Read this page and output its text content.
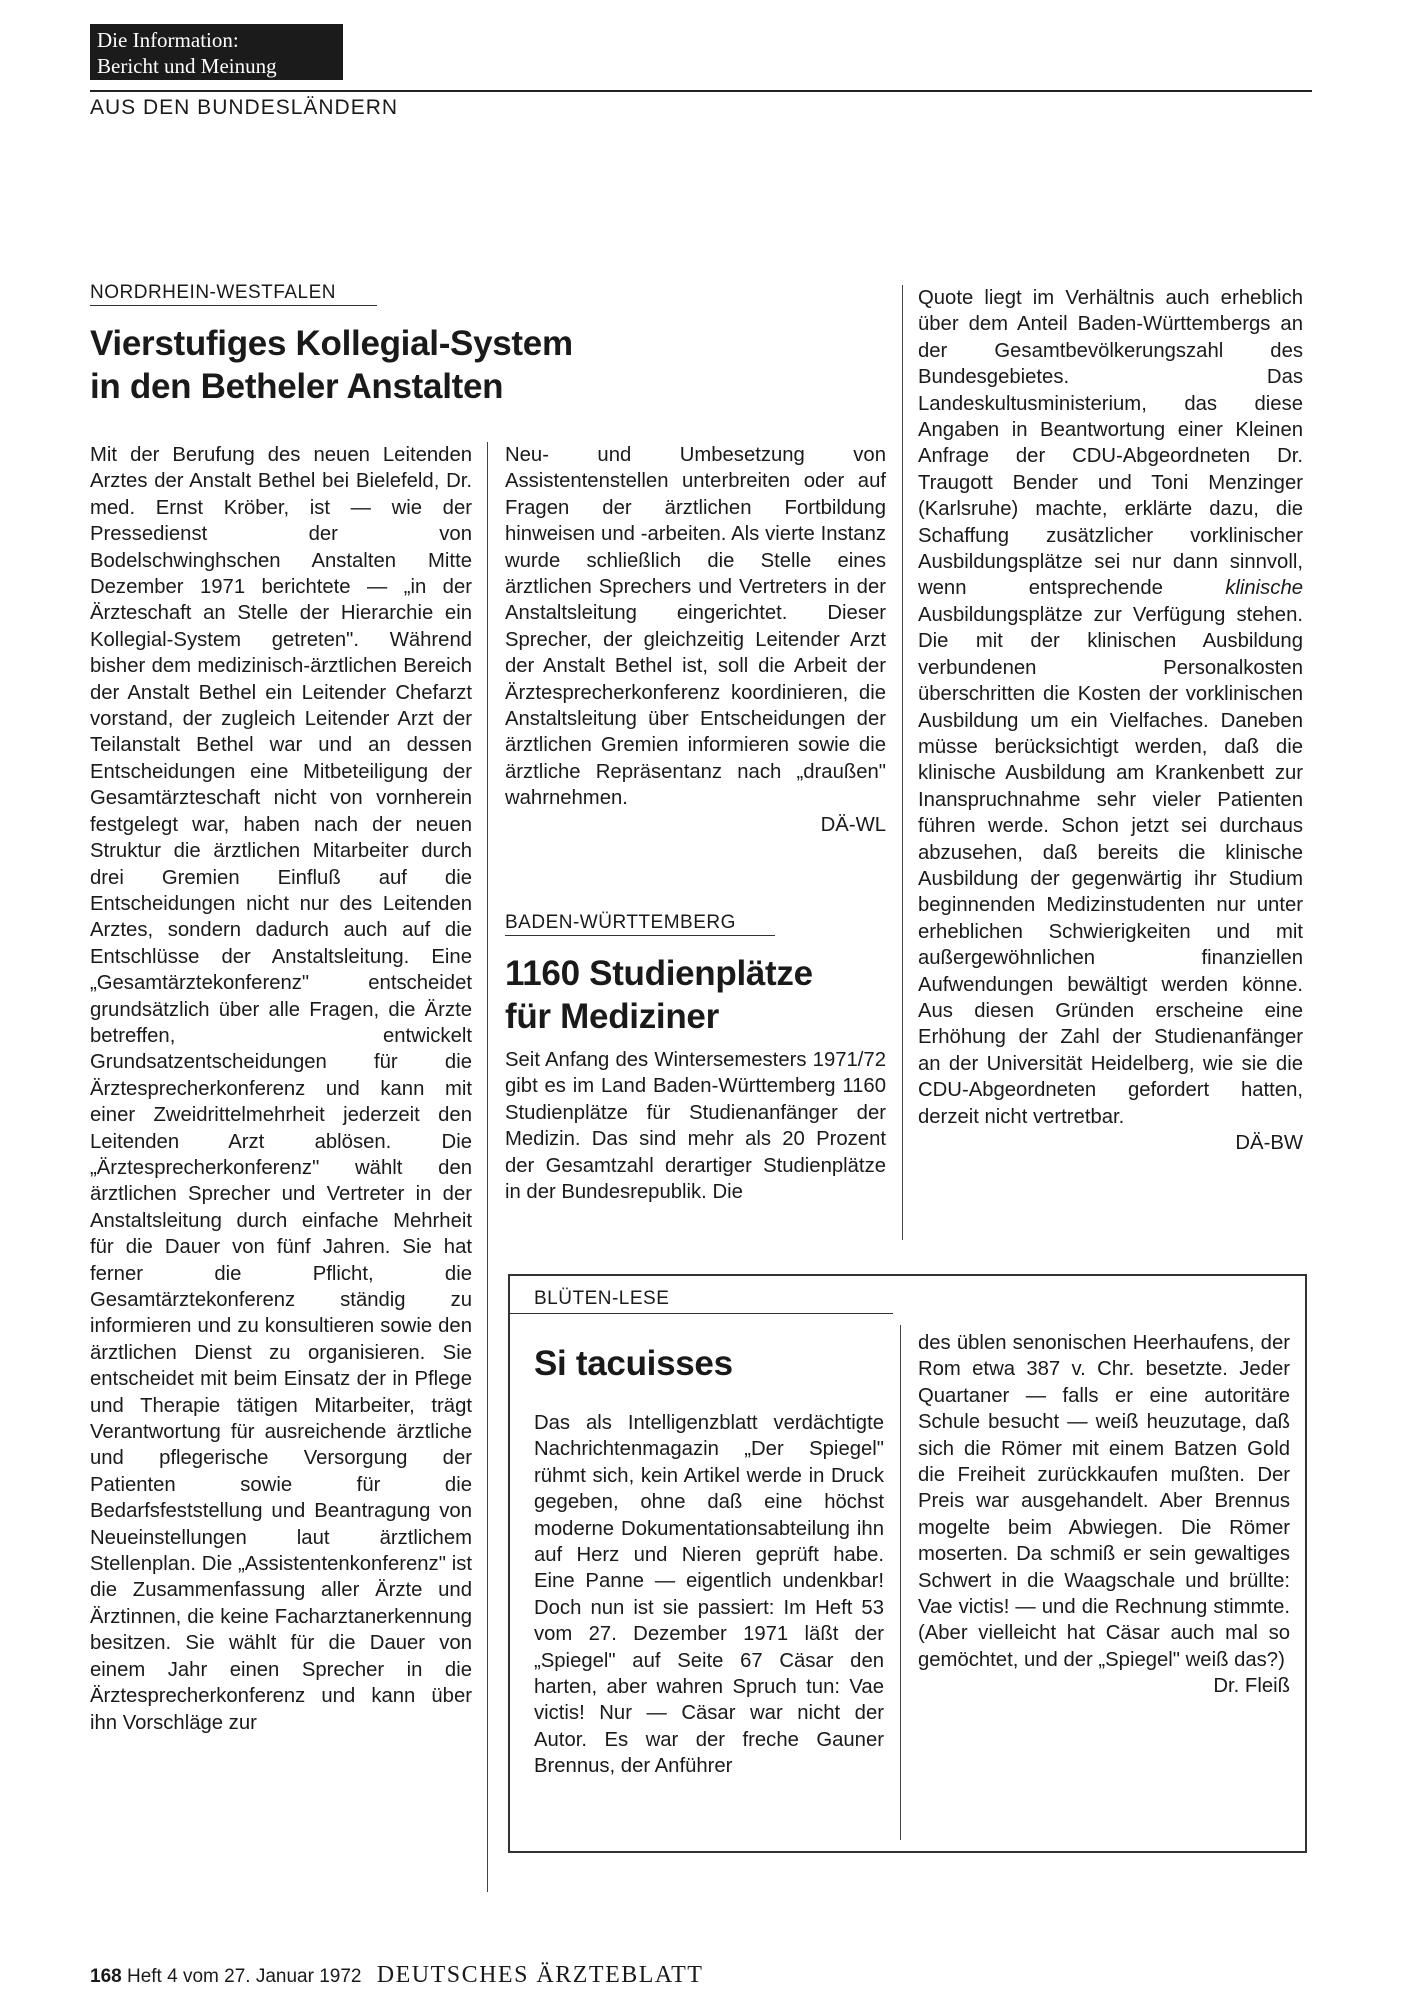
Die Information:
Bericht und Meinung
AUS DEN BUNDESLÄNDERN
NORDRHEIN-WESTFALEN
Vierstufiges Kollegial-System
in den Betheler Anstalten
Mit der Berufung des neuen Leitenden Arztes der Anstalt Bethel bei Bielefeld, Dr. med. Ernst Kröber, ist — wie der Pressedienst der von Bodelschwinghschen Anstalten Mitte Dezember 1971 berichtete — „in der Ärzteschaft an Stelle der Hierarchie ein Kollegial-System getreten". Während bisher dem medizinisch-ärztlichen Bereich der Anstalt Bethel ein Leitender Chefarzt vorstand, der zugleich Leitender Arzt der Teilanstalt Bethel war und an dessen Entscheidungen eine Mitbeteiligung der Gesamtärzteschaft nicht von vornherein festgelegt war, haben nach der neuen Struktur die ärztlichen Mitarbeiter durch drei Gremien Einfluß auf die Entscheidungen nicht nur des Leitenden Arztes, sondern dadurch auch auf die Entschlüsse der Anstaltsleitung. Eine „Gesamtärztekonferenz" entscheidet grundsätzlich über alle Fragen, die Ärzte betreffen, entwickelt Grundsatzentscheidungen für die Ärztesprecherkonferenz und kann mit einer Zweidrittelmehrheit jederzeit den Leitenden Arzt ablösen. Die „Ärztesprecherkonferenz" wählt den ärztlichen Sprecher und Vertreter in der Anstaltsleitung durch einfache Mehrheit für die Dauer von fünf Jahren. Sie hat ferner die Pflicht, die Gesamtärztekonferenz ständig zu informieren und zu konsultieren sowie den ärztlichen Dienst zu organisieren. Sie entscheidet mit beim Einsatz der in Pflege und Therapie tätigen Mitarbeiter, trägt Verantwortung für ausreichende ärztliche und pflegerische Versorgung der Patienten sowie für die Bedarfsfeststellung und Beantragung von Neueinstellungen laut ärztlichem Stellenplan. Die „Assistentenkonferenz" ist die Zusammenfassung aller Ärzte und Ärztinnen, die keine Facharztanerkennung besitzen. Sie wählt für die Dauer von einem Jahr einen Sprecher in die Ärztesprecherkonferenz und kann über ihn Vorschläge zur
Neu- und Umbesetzung von Assistentenstellen unterbreiten oder auf Fragen der ärztlichen Fortbildung hinweisen und -arbeiten. Als vierte Instanz wurde schließlich die Stelle eines ärztlichen Sprechers und Vertreters in der Anstaltsleitung eingerichtet. Dieser Sprecher, der gleichzeitig Leitender Arzt der Anstalt Bethel ist, soll die Arbeit der Ärztesprecherkonferenz koordinieren, die Anstaltsleitung über Entscheidungen der ärztlichen Gremien informieren sowie die ärztliche Repräsentanz nach „draußen" wahrnehmen.
DÄ-WL
BADEN-WÜRTTEMBERG
1160 Studienplätze
für Mediziner
Seit Anfang des Wintersemesters 1971/72 gibt es im Land Baden-Württemberg 1160 Studienplätze für Studienanfänger der Medizin. Das sind mehr als 20 Prozent der Gesamtzahl derartiger Studienplätze in der Bundesrepublik. Die
Quote liegt im Verhältnis auch erheblich über dem Anteil Baden-Württembergs an der Gesamtbevölkerungszahl des Bundesgebietes. Das Landeskultusministerium, das diese Angaben in Beantwortung einer Kleinen Anfrage der CDU-Abgeordneten Dr. Traugott Bender und Toni Menzinger (Karlsruhe) machte, erklärte dazu, die Schaffung zusätzlicher vorklinischer Ausbildungsplätze sei nur dann sinnvoll, wenn entsprechende klinische Ausbildungsplätze zur Verfügung stehen. Die mit der klinischen Ausbildung verbundenen Personalkosten überschritten die Kosten der vorklinischen Ausbildung um ein Vielfaches. Daneben müsse berücksichtigt werden, daß die klinische Ausbildung am Krankenbett zur Inanspruchnahme sehr vieler Patienten führen werde. Schon jetzt sei durchaus abzusehen, daß bereits die klinische Ausbildung der gegenwärtig ihr Studium beginnenden Medizinstudenten nur unter erheblichen Schwierigkeiten und mit außergewöhnlichen finanziellen Aufwendungen bewältigt werden könne. Aus diesen Gründen erscheine eine Erhöhung der Zahl der Studienanfänger an der Universität Heidelberg, wie sie die CDU-Abgeordneten gefordert hatten, derzeit nicht vertretbar.
DÄ-BW
BLÜTEN-LESE
Si tacuisses
Das als Intelligenzblatt verdächtigte Nachrichtenmagazin „Der Spiegel" rühmt sich, kein Artikel werde in Druck gegeben, ohne daß eine höchst moderne Dokumentationsabteilung ihn auf Herz und Nieren geprüft habe. Eine Panne — eigentlich undenkbar! Doch nun ist sie passiert: Im Heft 53 vom 27. Dezember 1971 läßt der „Spiegel" auf Seite 67 Cäsar den harten, aber wahren Spruch tun: Vae victis! Nur — Cäsar war nicht der Autor. Es war der freche Gauner Brennus, der Anführer
des üblen senonischen Heerhaufens, der Rom etwa 387 v. Chr. besetzte. Jeder Quartaner — falls er eine autoritäre Schule besucht — weiß heuzutage, daß sich die Römer mit einem Batzen Gold die Freiheit zurückkaufen mußten. Der Preis war ausgehandelt. Aber Brennus mogelte beim Abwiegen. Die Römer moserten. Da schmiß er sein gewaltiges Schwert in die Waagschale und brüllte: Vae victis! — und die Rechnung stimmte. (Aber vielleicht hat Cäsar auch mal so gemöchtet, und der „Spiegel" weiß das?)
Dr. Fleiß
168 Heft 4 vom 27. Januar 1972 DEUTSCHES ÄRZTEBLATT
